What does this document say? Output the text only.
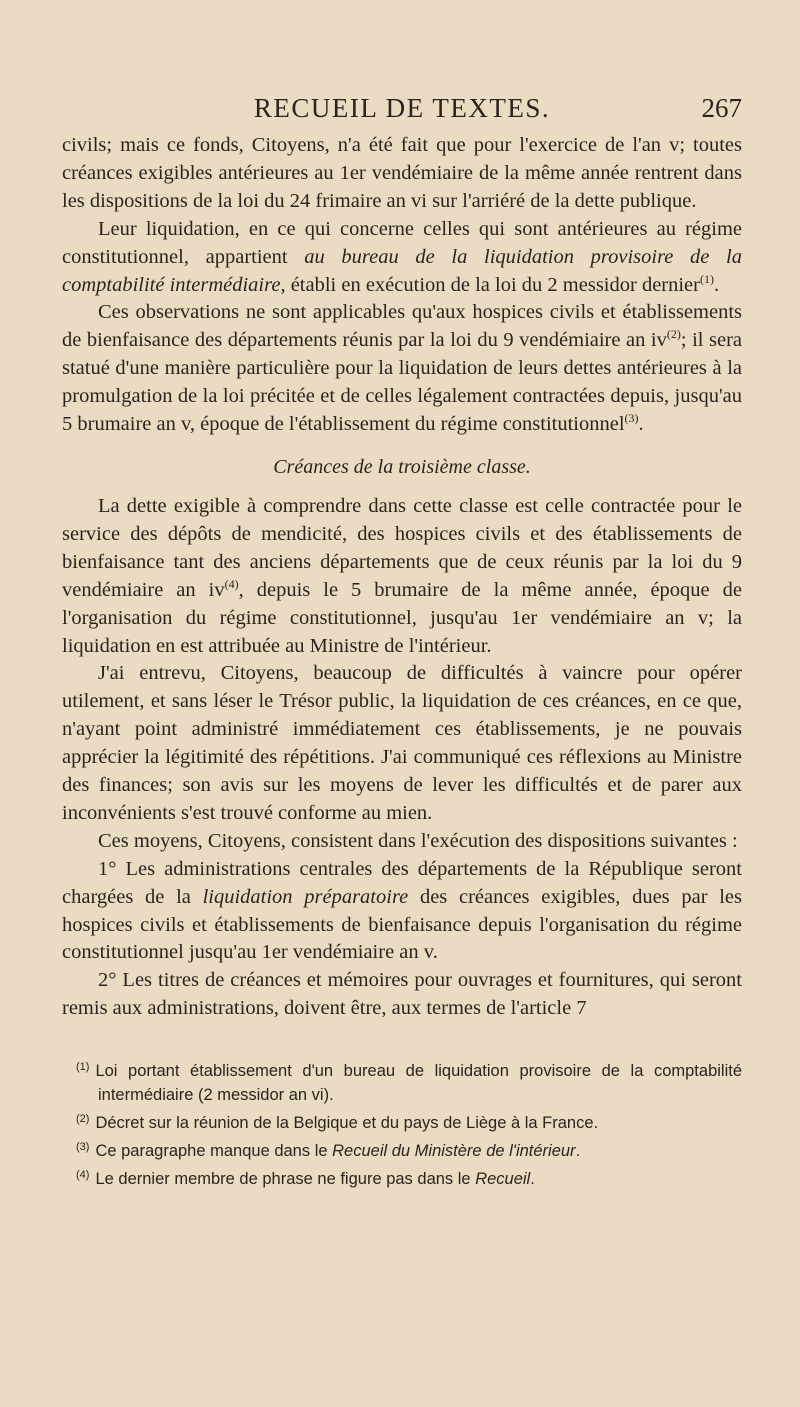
RECUEIL DE TEXTES.	267

civils; mais ce fonds, Citoyens, n'a été fait que pour l'exercice de l'an v; toutes créances exigibles antérieures au 1er vendémiaire de la même année rentrent dans les dispositions de la loi du 24 frimaire an vi sur l'arriéré de la dette publique.

Leur liquidation, en ce qui concerne celles qui sont antérieures au régime constitutionnel, appartient au bureau de la liquidation provisoire de la comptabilité intermédiaire, établi en exécution de la loi du 2 messidor dernier$^{(1)}$.

Ces observations ne sont applicables qu'aux hospices civils et établissements de bienfaisance des départements réunis par la loi du 9 vendémiaire an $iv^{(2)}$; il sera statué d'une manière particulière pour la liquidation de leurs dettes antérieures à la promulgation de la loi précitée et de celles légalement contractées depuis, jusqu'au 5 brumaire an v, époque de l'établissement du régime constitutionnel$^{(3)}$.

Créances de la troisième classe.

La dette exigible à comprendre dans cette classe est celle contractée pour le service des dépôts de mendicité, des hospices civils et des établissements de bienfaisance tant des anciens départements que de ceux réunis par la loi du 9 vendémiaire an $iv^{(4)}$, depuis le 5 brumaire de la même année, époque de l'organisation du régime constitutionnel, jusqu'au 1er vendémiaire an v; la liquidation en est attribuée au Ministre de l'intérieur.

J'ai entrevu, Citoyens, beaucoup de difficultés à vaincre pour opérer utilement, et sans léser le Trésor public, la liquidation de ces créances, en ce que, n'ayant point administré immédiatement ces établissements, je ne pouvais apprécier la légitimité des répétitions. J'ai communiqué ces réflexions au Ministre des finances; son avis sur les moyens de lever les difficultés et de parer aux inconvénients s'est trouvé conforme au mien.

Ces moyens, Citoyens, consistent dans l'exécution des dispositions suivantes :

1° Les administrations centrales des départements de la République seront chargées de la liquidation préparatoire des créances exigibles, dues par les hospices civils et établissements de bienfaisance depuis l'organisation du régime constitutionnel jusqu'au 1er vendémiaire an v.

2° Les titres de créances et mémoires pour ouvrages et fournitures, qui seront remis aux administrations, doivent être, aux termes de l'article 7

$^{(1)}$ Loi portant établissement d'un bureau de liquidation provisoire de la comptabilité intermédiaire (2 messidor an vi).

$^{(2)}$ Décret sur la réunion de la Belgique et du pays de Liège à la France.

$^{(3)}$ Ce paragraphe manque dans le Recueil du Ministère de l'intérieur.

$^{(4)}$ Le dernier membre de phrase ne figure pas dans le Recueil.
